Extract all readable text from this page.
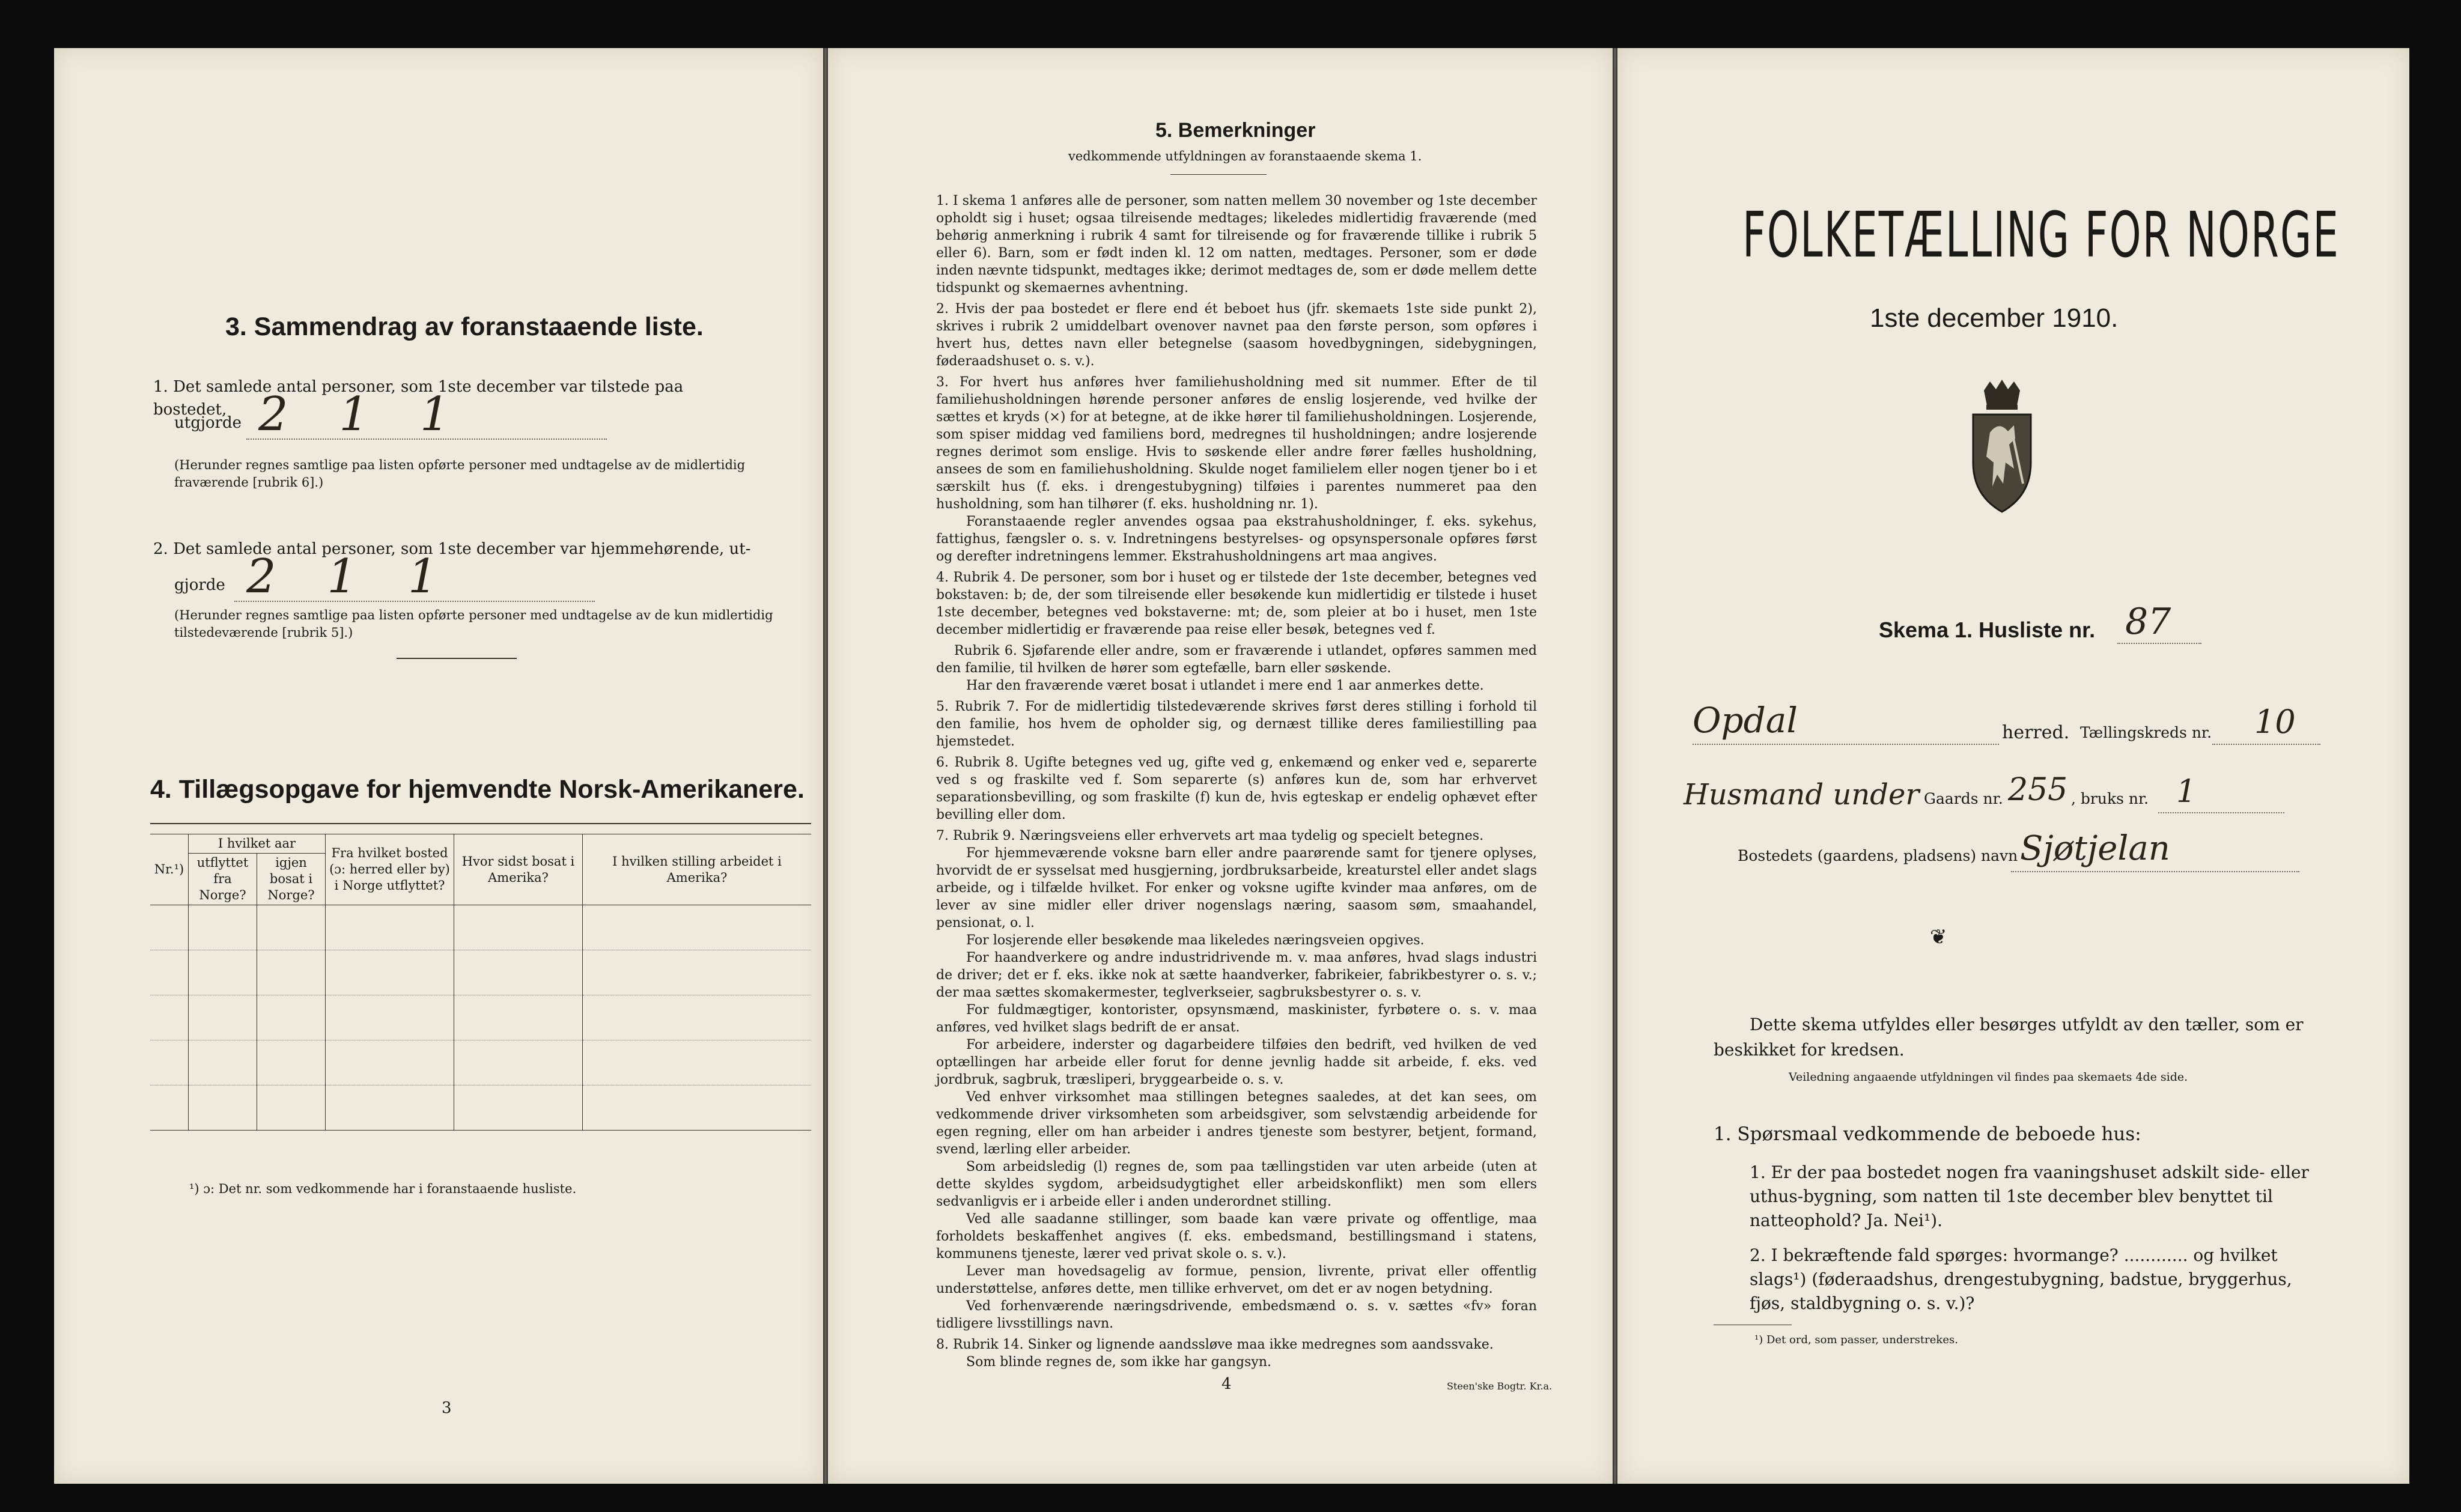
3. Sammendrag av foranstaaende liste.
1. Det samlede antal personer, som 1ste december var tilstede paa bostedet,
utgjorde 2 1 1
(Herunder regnes samtlige paa listen opførte personer med undtagelse av de midlertidig fraværende [rubrik 6].)
2. Det samlede antal personer, som 1ste december var hjemmehørende, ut-
gjorde 2 1 1
(Herunder regnes samtlige paa listen opførte personer med undtagelse av de kun midlertidig tilstedeværende [rubrik 5].)
4. Tillægsopgave for hjemvendte Norsk-Amerikanere.
Nr.¹)	I hvilket aar		Fra hvilket bosted (ɔ: herred eller by) i Norge utflyttet?	Hvor sidst bosat i Amerika?	I hvilken stilling arbeidet i Amerika?
	utflyttet fra Norge?	igjen bosat i Norge?			

¹) ɔ: Det nr. som vedkommende har i foranstaaende husliste.
3
5. Bemerkninger
vedkommende utfyldningen av foranstaaende skema 1.
1. I skema 1 anføres alle de personer, som natten mellem 30 november og 1ste december opholdt sig i huset; ogsaa tilreisende medtages; likeledes midlertidig fraværende (med behørig anmerkning i rubrik 4 samt for tilreisende og for fraværende tillike i rubrik 5 eller 6). Barn, som er født inden kl. 12 om natten, medtages. Personer, som er døde inden nævnte tidspunkt, medtages ikke; derimot medtages de, som er døde mellem dette tidspunkt og skemaernes avhentning.
2. Hvis der paa bostedet er flere end ét beboet hus (jfr. skemaets 1ste side punkt 2), skrives i rubrik 2 umiddelbart ovenover navnet paa den første person, som opføres i hvert hus, dettes navn eller betegnelse (saasom hovedbygningen, sidebygningen, føderaadshuset o. s. v.).
3. For hvert hus anføres hver familiehusholdning med sit nummer. Efter de til familiehusholdningen hørende personer anføres de enslig losjerende, ved hvilke der sættes et kryds (×) for at betegne, at de ikke hører til familiehusholdningen. Losjerende, som spiser middag ved familiens bord, medregnes til husholdningen; andre losjerende regnes derimot som enslige. Hvis to søskende eller andre fører fælles husholdning, ansees de som en familiehusholdning. Skulde noget familielem eller nogen tjener bo i et særskilt hus (f. eks. i drengestubygning) tilføies i parentes nummeret paa den husholdning, som han tilhører (f. eks. husholdning nr. 1).
Foranstaaende regler anvendes ogsaa paa ekstrahusholdninger, f. eks. sykehus, fattighus, fængsler o. s. v. Indretningens bestyrelses- og opsynspersonale opføres først og derefter indretningens lemmer. Ekstrahusholdningens art maa angives.
4. Rubrik 4. De personer, som bor i huset og er tilstede der 1ste december, betegnes ved bokstaven: b; de, der som tilreisende eller besøkende kun midlertidig er tilstede i huset 1ste december, betegnes ved bokstaverne: mt; de, som pleier at bo i huset, men 1ste december midlertidig er fraværende paa reise eller besøk, betegnes ved f.
Rubrik 6. Sjøfarende eller andre, som er fraværende i utlandet, opføres sammen med den familie, til hvilken de hører som egtefælle, barn eller søskende.
Har den fraværende været bosat i utlandet i mere end 1 aar anmerkes dette.
5. Rubrik 7. For de midlertidig tilstedeværende skrives først deres stilling i forhold til den familie, hos hvem de opholder sig, og dernæst tillike deres familiestilling paa hjemstedet.
6. Rubrik 8. Ugifte betegnes ved ug, gifte ved g, enkemænd og enker ved e, separerte ved s og fraskilte ved f. Som separerte (s) anføres kun de, som har erhvervet separationsbevilling, og som fraskilte (f) kun de, hvis egteskap er endelig ophævet efter bevilling eller dom.
7. Rubrik 9. Næringsveiens eller erhvervets art maa tydelig og specielt betegnes.
For hjemmeværende voksne barn eller andre paarørende samt for tjenere oplyses, hvorvidt de er sysselsat med husgjerning, jordbruksarbeide, kreaturstel eller andet slags arbeide, og i tilfælde hvilket. For enker og voksne ugifte kvinder maa anføres, om de lever av sine midler eller driver nogenslags næring, saasom søm, smaahandel, pensionat, o. l.
For losjerende eller besøkende maa likeledes næringsveien opgives.
For haandverkere og andre industridrivende m. v. maa anføres, hvad slags industri de driver; det er f. eks. ikke nok at sætte haandverker, fabrikeier, fabrikbestyrer o. s. v.; der maa sættes skomakermester, teglverkseier, sagbruksbestyrer o. s. v.
For fuldmægtiger, kontorister, opsynsmænd, maskinister, fyrbøtere o. s. v. maa anføres, ved hvilket slags bedrift de er ansat.
For arbeidere, inderster og dagarbeidere tilføies den bedrift, ved hvilken de ved optællingen har arbeide eller forut for denne jevnlig hadde sit arbeide, f. eks. ved jordbruk, sagbruk, træsliperi, bryggearbeide o. s. v.
Ved enhver virksomhet maa stillingen betegnes saaledes, at det kan sees, om vedkommende driver virksomheten som arbeidsgiver, som selvstændig arbeidende for egen regning, eller om han arbeider i andres tjeneste som bestyrer, betjent, formand, svend, lærling eller arbeider.
Som arbeidsledig (l) regnes de, som paa tællingstiden var uten arbeide (uten at dette skyldes sygdom, arbeidsudygtighet eller arbeidskonflikt) men som ellers sedvanligvis er i arbeide eller i anden underordnet stilling.
Ved alle saadanne stillinger, som baade kan være private og offentlige, maa forholdets beskaffenhet angives (f. eks. embedsmand, bestillingsmand i statens, kommunens tjeneste, lærer ved privat skole o. s. v.).
Lever man hovedsagelig av formue, pension, livrente, privat eller offentlig understøttelse, anføres dette, men tillike erhvervet, om det er av nogen betydning.
Ved forhenværende næringsdrivende, embedsmænd o. s. v. sættes «fv» foran tidligere livsstillings navn.
8. Rubrik 14. Sinker og lignende aandssløve maa ikke medregnes som aandssvake.
Som blinde regnes de, som ikke har gangsyn.
4	Steen'ske Bogtr. Kr.a.
FOLKETÆLLING FOR NORGE
1ste december 1910.
Skema 1. Husliste nr. 87
Opdal	herred. Tællingskreds nr. 10
Husmand under Gaards nr. 255 , bruks nr. 1
Bostedets (gaardens, pladsens) navn Sjøtjelan
❦
Dette skema utfyldes eller besørges utfyldt av den tæller, som er beskikket for kredsen.
Veiledning angaaende utfyldningen vil findes paa skemaets 4de side.
1. Spørsmaal vedkommende de beboede hus:
1. Er der paa bostedet nogen fra vaaningshuset adskilt side- eller uthus-bygning, som natten til 1ste december blev benyttet til natteophold? Ja. Nei¹).
2. I bekræftende fald spørges: hvormange? ............ og hvilket slags¹) (føderaadshus, drengestubygning, badstue, bryggerhus, fjøs, staldbygning o. s. v.)?
¹) Det ord, som passer, understrekes.
